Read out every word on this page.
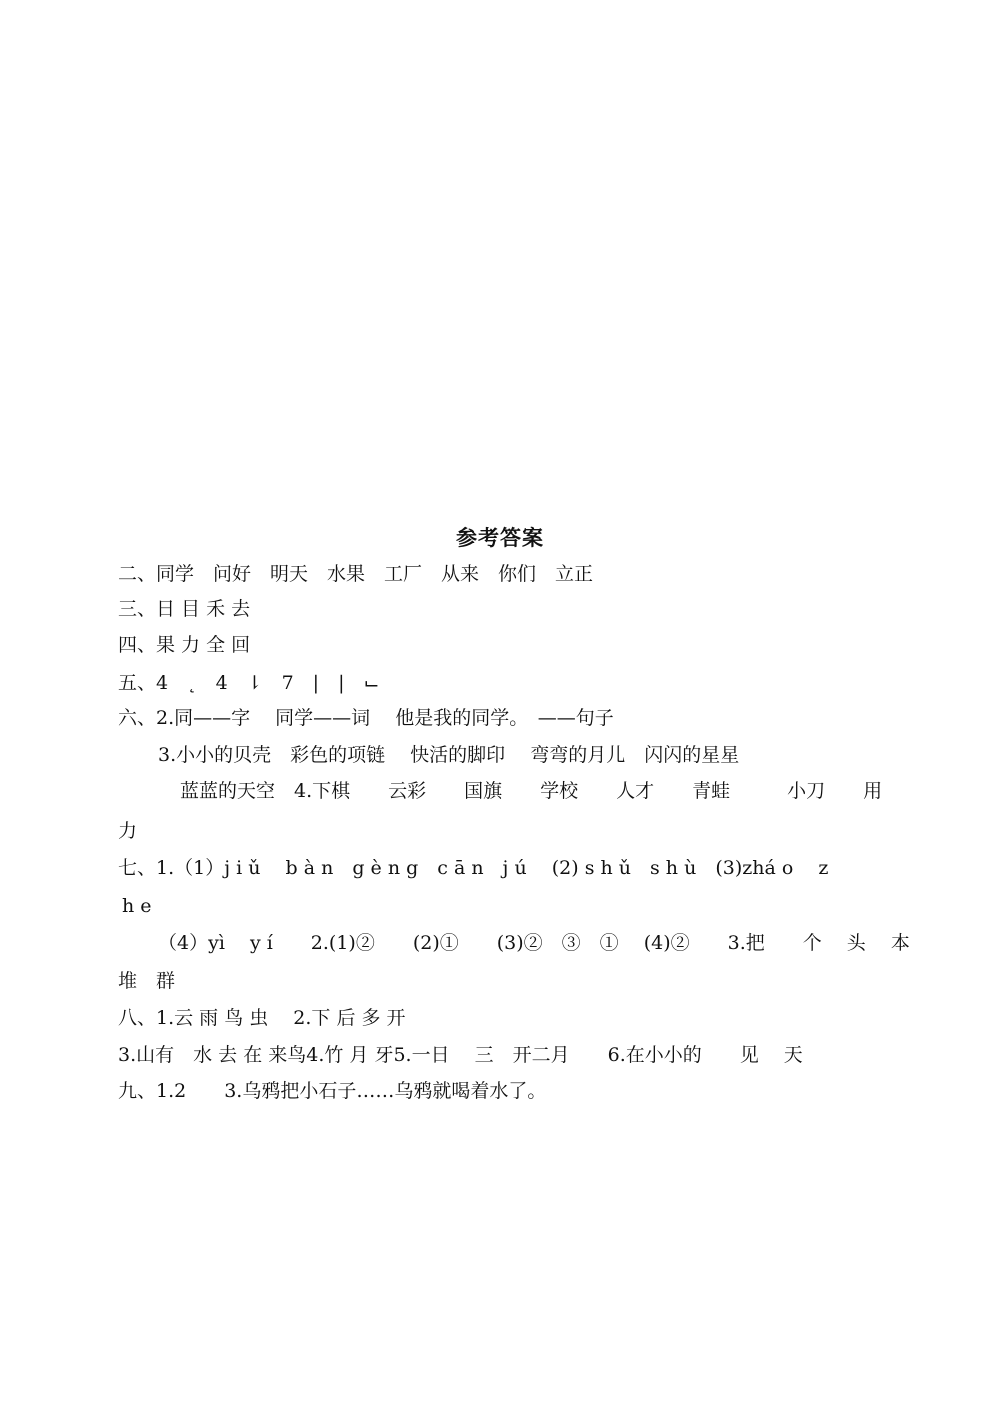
参考答案
二、同学　问好　明天　水果　工厂　从来　你们　立正
三、日 目 禾 去
四、果 力 全 回
五、4　˛　4　⇂　7　|　|　⌙
六、2.同——字　 同学——词　 他是我的同学。　——句子
3.小小的贝壳　彩色的项链　 快活的脚印　 弯弯的月儿　闪闪的星星
蓝蓝的天空　4.下棋　　云彩　　国旗　　学校　　人才　　青蛙　　　小刀　　用
力
七、1.（1）j i ǔ　 b à n　g è n g　c ā n　j ú　 (2) s h ǔ　s h ù　(3)zhá o　 z
h e
（4）yì　 y í　　2.(1)②　　(2)①　　(3)②　③　①　 (4)②　　3.把　　个　 头　 本
堆　群
八、1.云 雨 鸟 虫　 2.下 后 多 开
3.山有　水 去 在 来鸟4.竹 月 牙5.一日　 三　开二月　　6.在小小的　　见　 天
九、1.2　　3.乌鸦把小石子……乌鸦就喝着水了。
